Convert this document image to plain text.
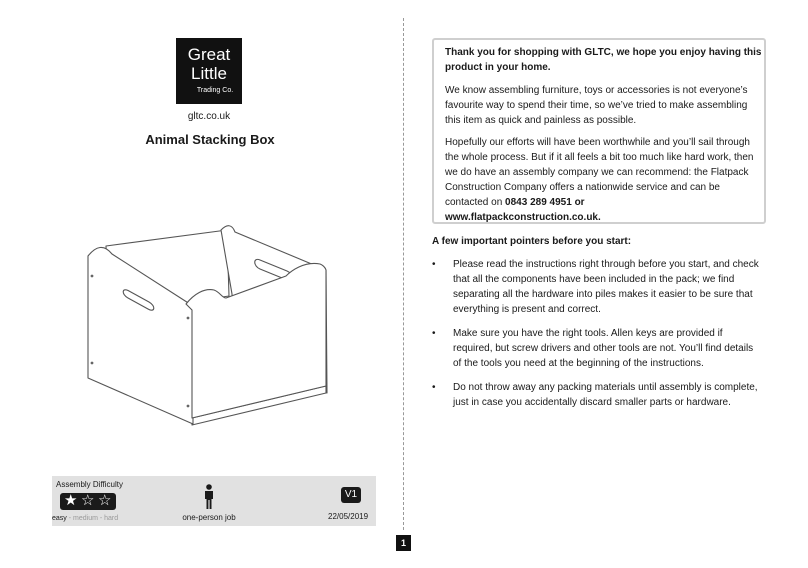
Great
Little
Trading Co.
gltc.co.uk
Animal Stacking Box
Assembly Difficulty
★ ☆ ☆
easy - medium - hard	one-person job
V1
22/05/2019
1

Thank you for shopping with GLTC, we hope you enjoy having this product in your home.

We know assembling furniture, toys or accessories is not everyone’s favourite way to spend their time, so we’ve tried to make assembling this item as quick and painless as possible.

Hopefully our efforts will have been worthwhile and you’ll sail through the whole process. But if it all feels a bit too much like hard work, then we do have an assembly company we can recommend: the Flatpack Construction Company offers a nationwide service and can be contacted on 0843 289 4951 or
www.flatpackconstruction.co.uk.

A few important pointers before you start:
• Please read the instructions right through before you start, and check that all the components have been included in the pack; we find separating all the hardware into piles makes it easier to be sure that everything is present and correct.
• Make sure you have the right tools. Allen keys are provided if required, but screw drivers and other tools are not. You’ll find details of the tools you need at the beginning of the instructions.
• Do not throw away any packing materials until assembly is complete, just in case you accidentally discard smaller parts or hardware.
